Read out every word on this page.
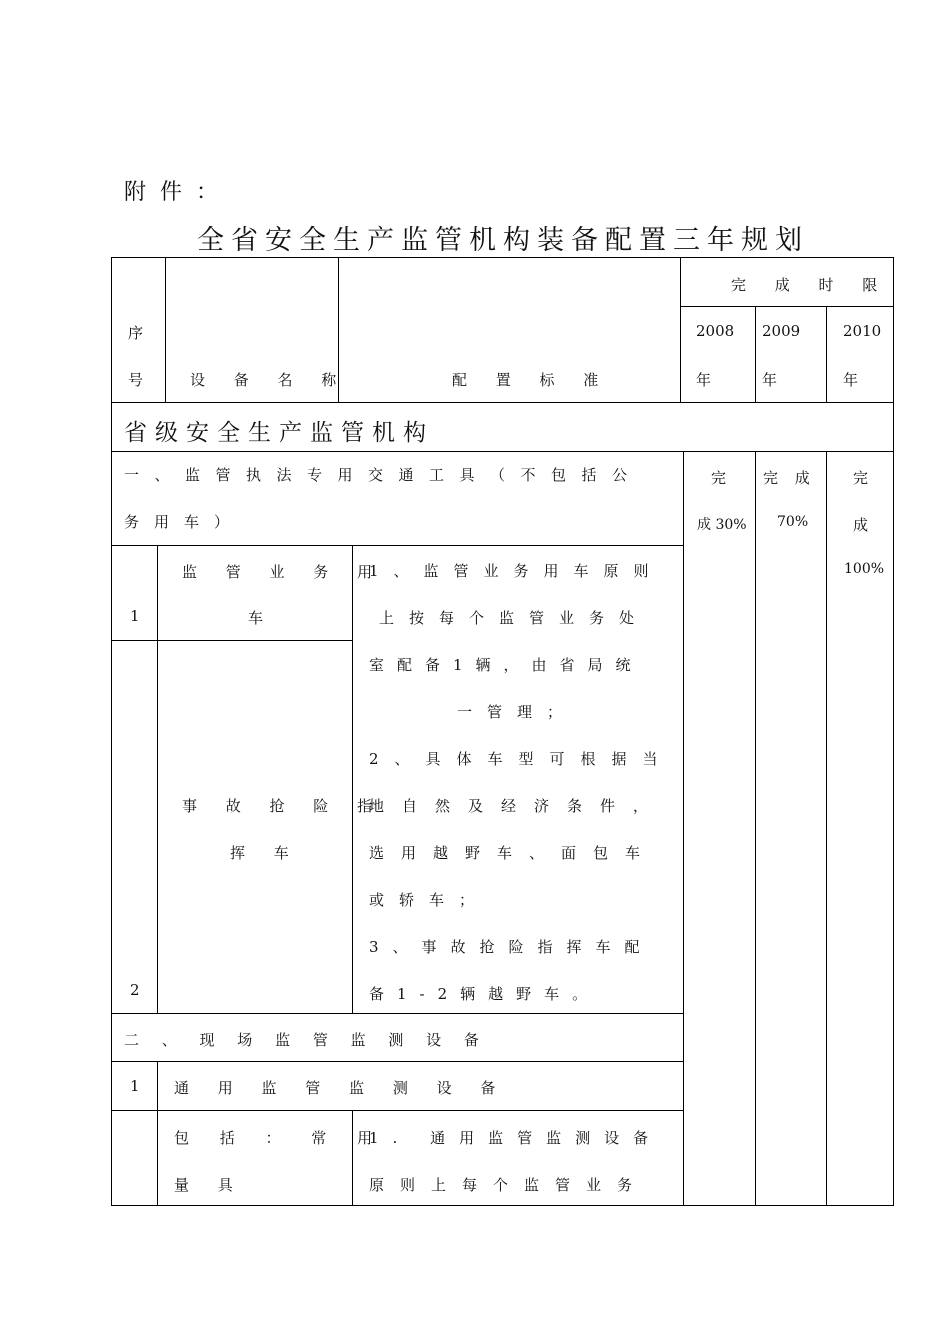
附件：
全省安全生产监管机构装备配置三年规划
序
号	设 备 名 称	配 置 标 准
完 成 时 限
2008
年
2009
年
2010
年
省级安全生产监管机构
一、监管执法专用交通工具（不包括公
务用车）
完
成 30%
完 成
70%
完
成
100%
1
监 管 业 务 用
车
2
事 故 抢 险 指
挥 车
1、监管业务用车原则
上按每个监管业务处
室配备1辆，由省局统
一管理；
2、具体车型可根据当
地自然及经济条件，
选用越野车、面包车
或轿车；
3、事故抢险指挥车配
备1-2辆越野车。
二 、 现 场 监 管 监 测 设 备
1 通 用 监 管 监 测 设 备
包 括 ： 常 用
量 具
1. 通用监管监测设备
原则上每个监管业务
